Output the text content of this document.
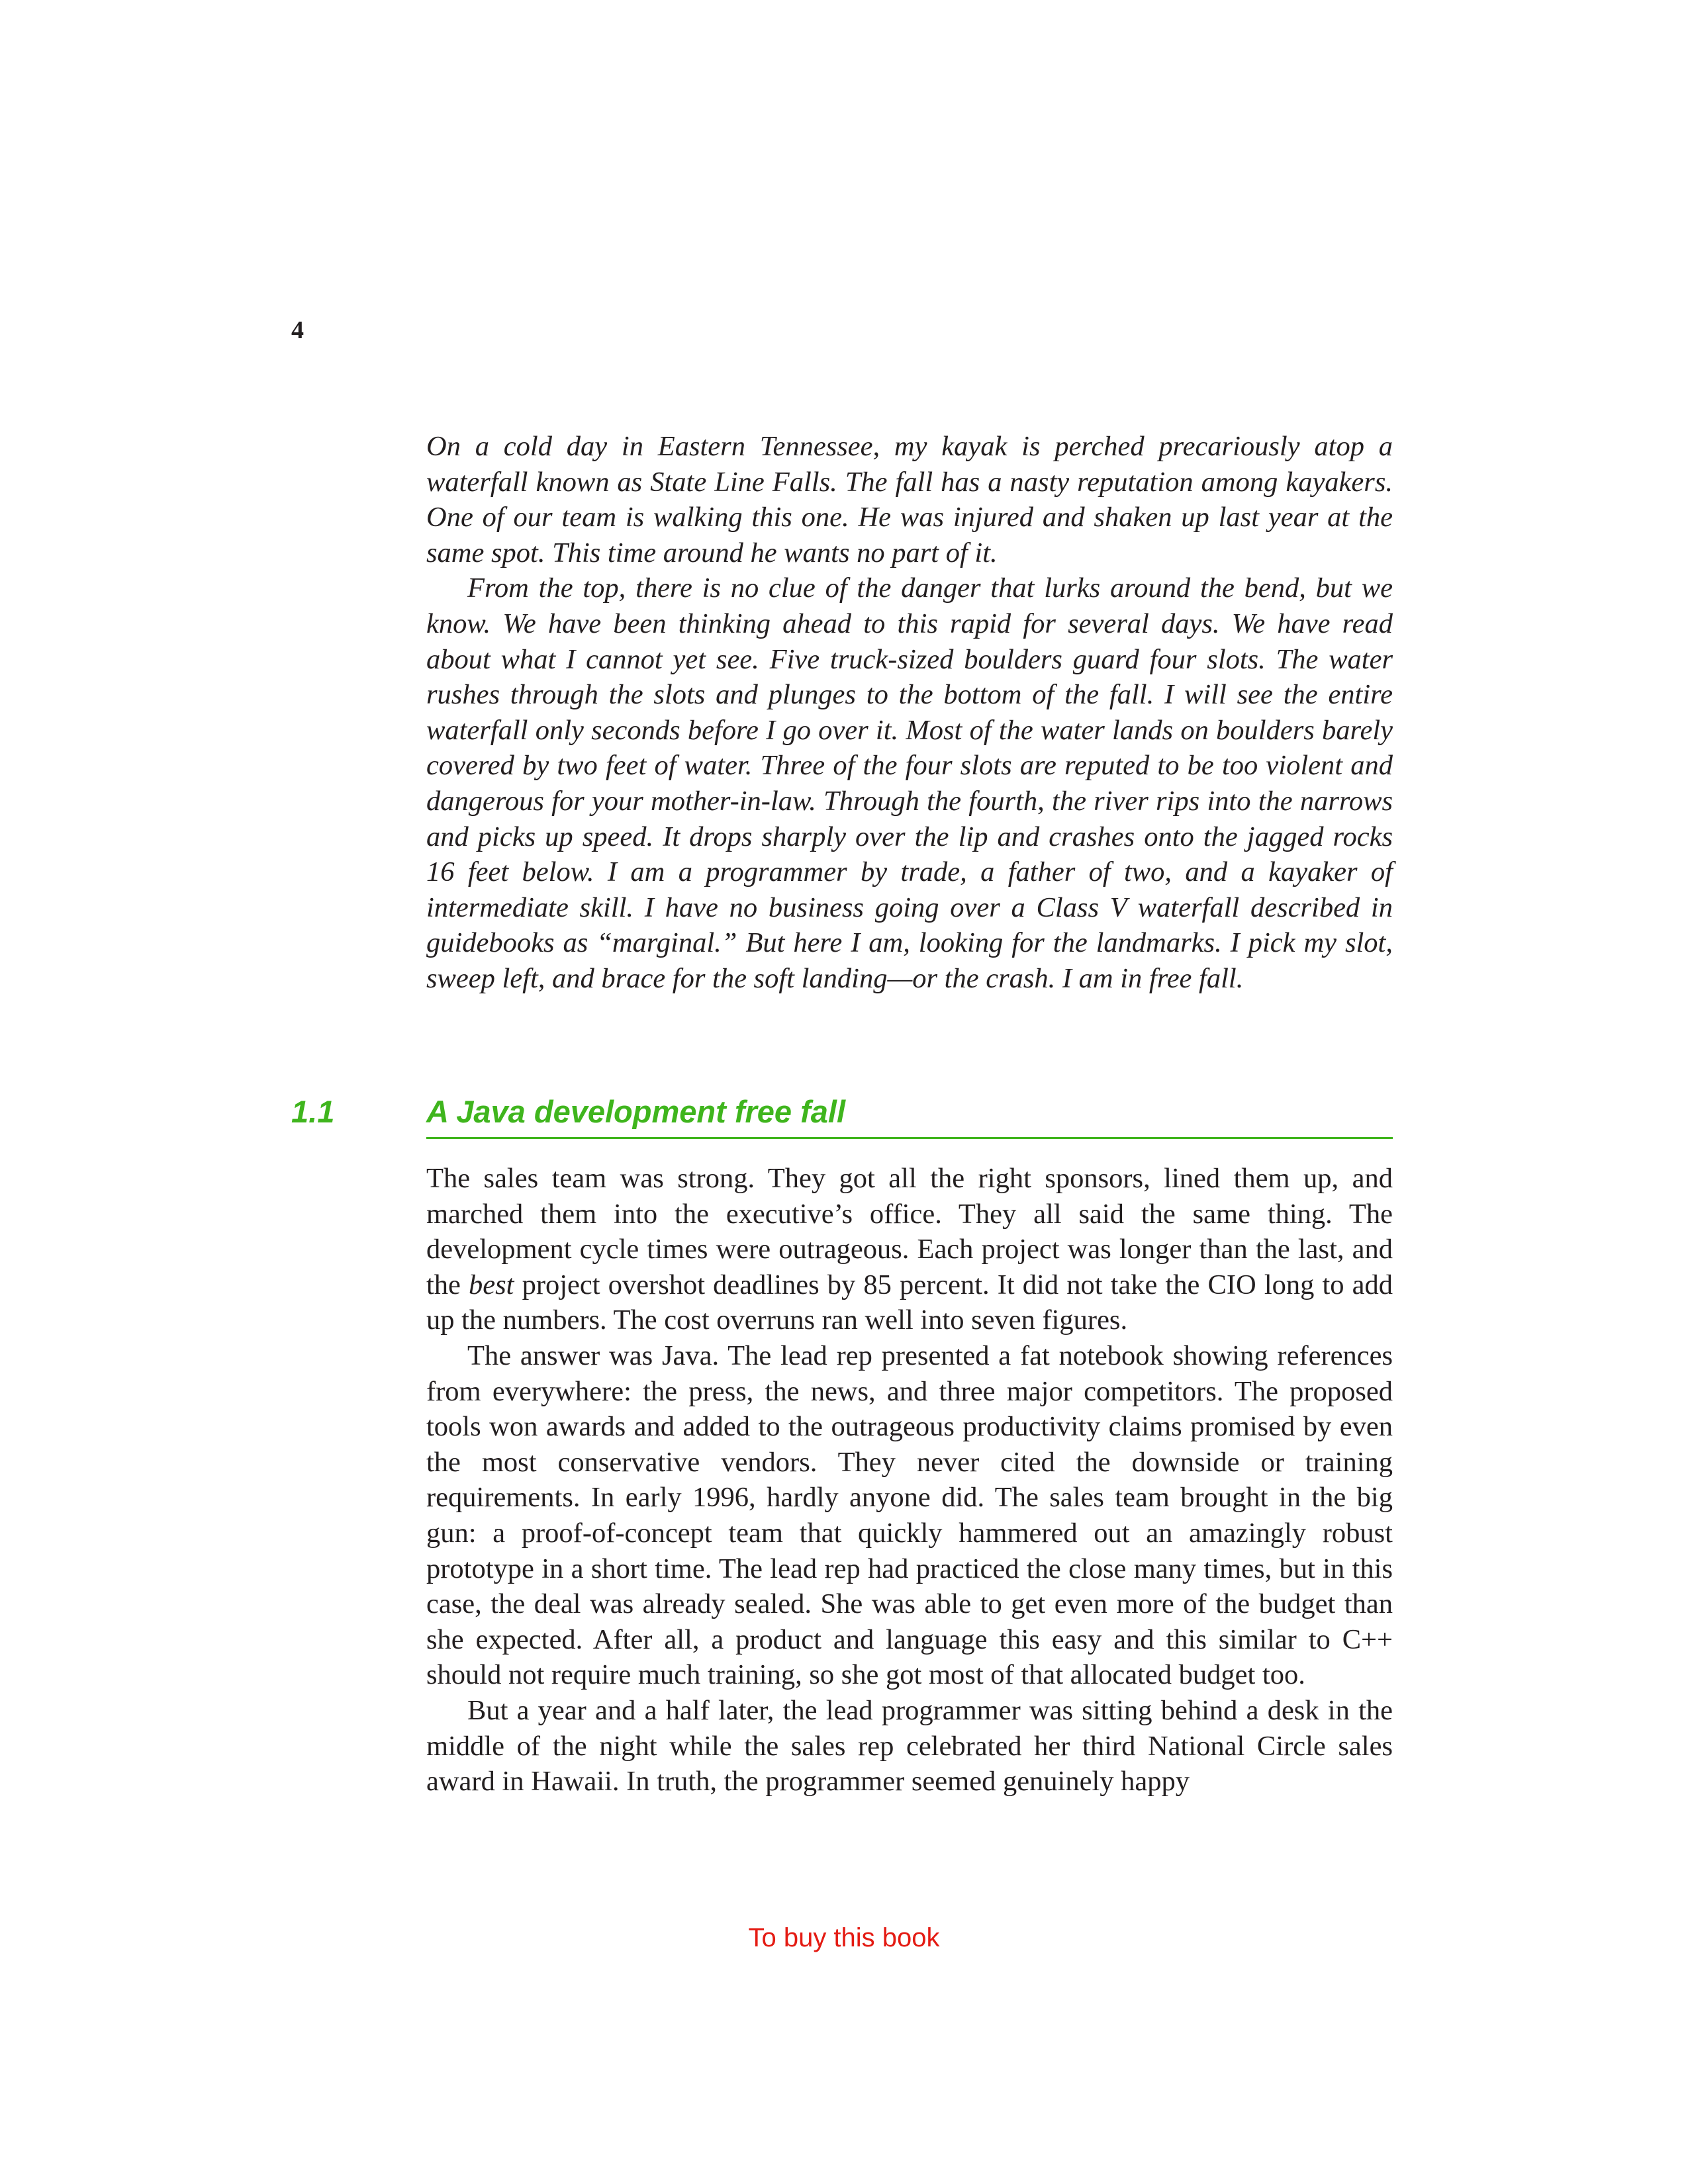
4

On a cold day in Eastern Tennessee, my kayak is perched precariously atop a waterfall known as State Line Falls. The fall has a nasty reputation among kayakers. One of our team is walking this one. He was injured and shaken up last year at the same spot. This time around he wants no part of it.

From the top, there is no clue of the danger that lurks around the bend, but we know. We have been thinking ahead to this rapid for several days. We have read about what I cannot yet see. Five truck-sized boulders guard four slots. The water rushes through the slots and plunges to the bottom of the fall. I will see the entire waterfall only seconds before I go over it. Most of the water lands on boulders barely covered by two feet of water. Three of the four slots are reputed to be too violent and dangerous for your mother-in-law. Through the fourth, the river rips into the narrows and picks up speed. It drops sharply over the lip and crashes onto the jagged rocks 16 feet below. I am a programmer by trade, a father of two, and a kayaker of intermediate skill. I have no business going over a Class V waterfall described in guidebooks as “marginal.” But here I am, looking for the landmarks. I pick my slot, sweep left, and brace for the soft landing—or the crash. I am in free fall.

1.1	A Java development free fall

The sales team was strong. They got all the right sponsors, lined them up, and marched them into the executive’s office. They all said the same thing. The development cycle times were outrageous. Each project was longer than the last, and the best project overshot deadlines by 85 percent. It did not take the CIO long to add up the numbers. The cost overruns ran well into seven figures.

The answer was Java. The lead rep presented a fat notebook showing references from everywhere: the press, the news, and three major competitors. The proposed tools won awards and added to the outrageous productivity claims promised by even the most conservative vendors. They never cited the downside or training requirements. In early 1996, hardly anyone did. The sales team brought in the big gun: a proof-of-concept team that quickly hammered out an amazingly robust prototype in a short time. The lead rep had practiced the close many times, but in this case, the deal was already sealed. She was able to get even more of the budget than she expected. After all, a product and language this easy and this similar to C++ should not require much training, so she got most of that allocated budget too.

But a year and a half later, the lead programmer was sitting behind a desk in the middle of the night while the sales rep celebrated her third National Circle sales award in Hawaii. In truth, the programmer seemed genuinely happy

To buy this book
